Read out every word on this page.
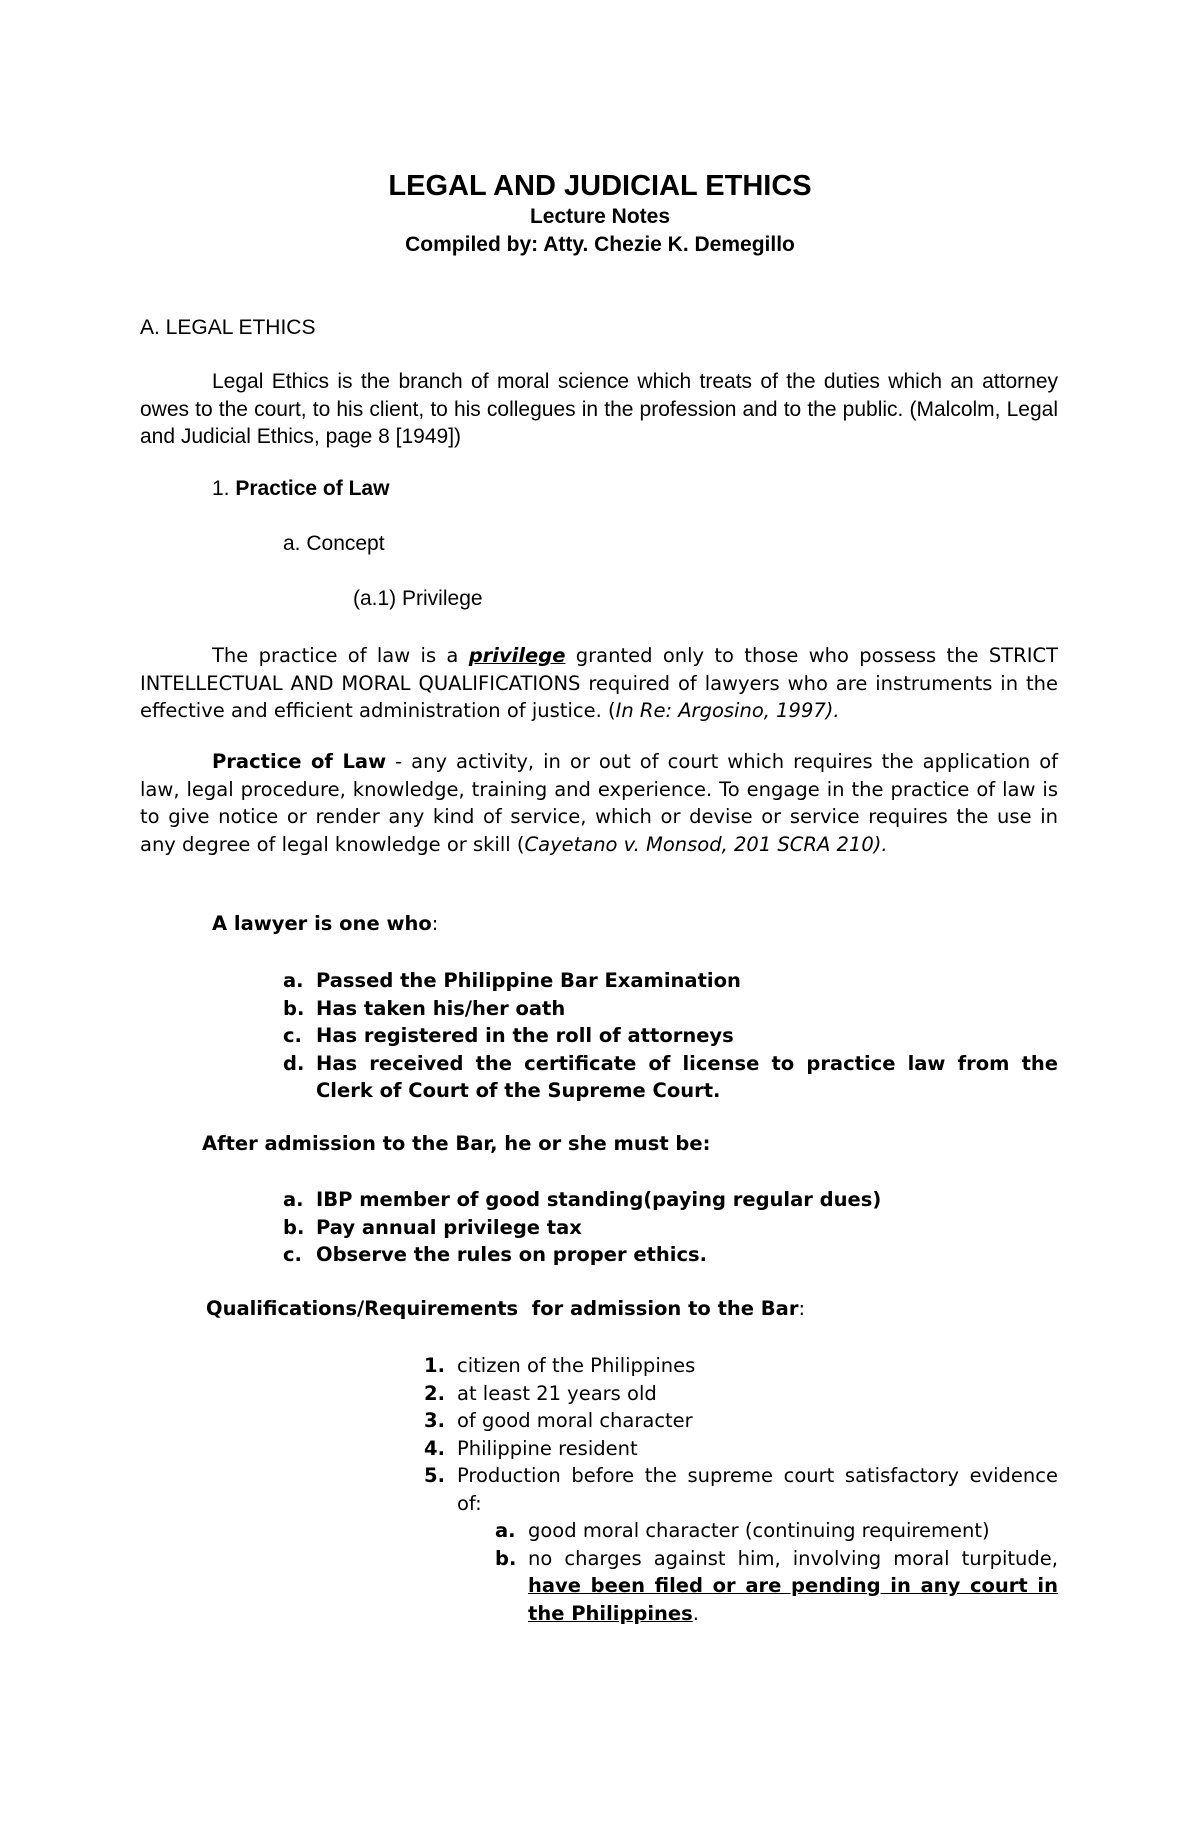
LEGAL AND JUDICIAL ETHICS
Lecture Notes
Compiled by: Atty. Chezie K. Demegillo
A. LEGAL ETHICS
Legal Ethics is the branch of moral science which treats of the duties which an attorney owes to the court, to his client, to his collegues in the profession and to the public. (Malcolm, Legal and Judicial Ethics, page 8 [1949])
1. Practice of Law
a. Concept
(a.1) Privilege
The practice of law is a privilege granted only to those who possess the STRICT INTELLECTUAL AND MORAL QUALIFICATIONS required of lawyers who are instruments in the effective and efficient administration of justice. (In Re: Argosino, 1997).
Practice of Law - any activity, in or out of court which requires the application of law, legal procedure, knowledge, training and experience. To engage in the practice of law is to give notice or render any kind of service, which or devise or service requires the use in any degree of legal knowledge or skill (Cayetano v. Monsod, 201 SCRA 210).
A lawyer is one who:
a. Passed the Philippine Bar Examination
b. Has taken his/her oath
c. Has registered in the roll of attorneys
d. Has received the certificate of license to practice law from the Clerk of Court of the Supreme Court.
After admission to the Bar, he or she must be:
a. IBP member of good standing(paying regular dues)
b. Pay annual privilege tax
c. Observe the rules on proper ethics.
Qualifications/Requirements  for admission to the Bar:
1. citizen of the Philippines
2. at least 21 years old
3. of good moral character
4. Philippine resident
5. Production before the supreme court satisfactory evidence of:
a. good moral character (continuing requirement)
b. no charges against him, involving moral turpitude, have been filed or are pending in any court in the Philippines.
